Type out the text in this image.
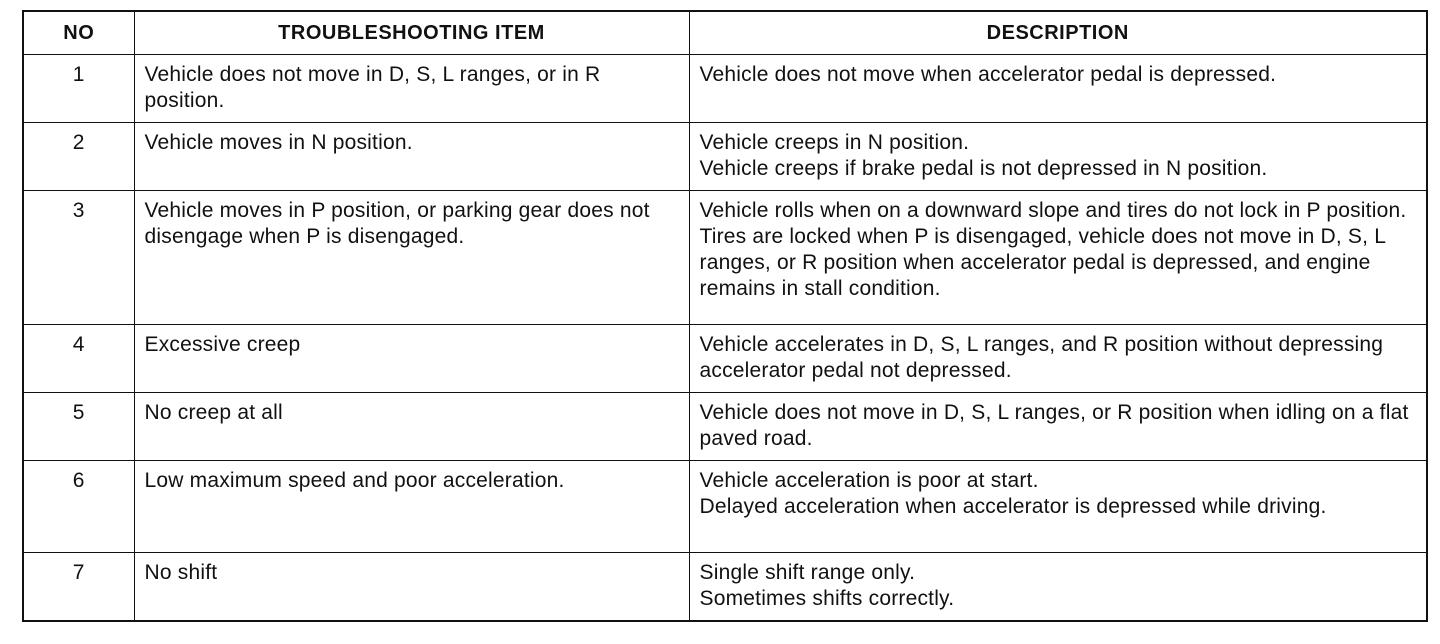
NO	TROUBLESHOOTING ITEM	DESCRIPTION
1	Vehicle does not move in D, S, L ranges, or in R position.	Vehicle does not move when accelerator pedal is depressed.

2	Vehicle moves in N position.	Vehicle creeps in N position.
Vehicle creeps if brake pedal is not depressed in N position.

3	Vehicle moves in P position, or parking gear does not disengage when P is disengaged.	Vehicle rolls when on a downward slope and tires do not lock in P position.
Tires are locked when P is disengaged, vehicle does not move in D, S, L ranges, or R position when accelerator pedal is depressed, and engine remains in stall condition.

4	Excessive creep	Vehicle accelerates in D, S, L ranges, and R position without depressing accelerator pedal not depressed.

5	No creep at all	Vehicle does not move in D, S, L ranges, or R position when idling on a flat paved road.

6	Low maximum speed and poor acceleration.	Vehicle acceleration is poor at start.
Delayed acceleration when accelerator is depressed while driving.

7	No shift	Single shift range only.
Sometimes shifts correctly.
